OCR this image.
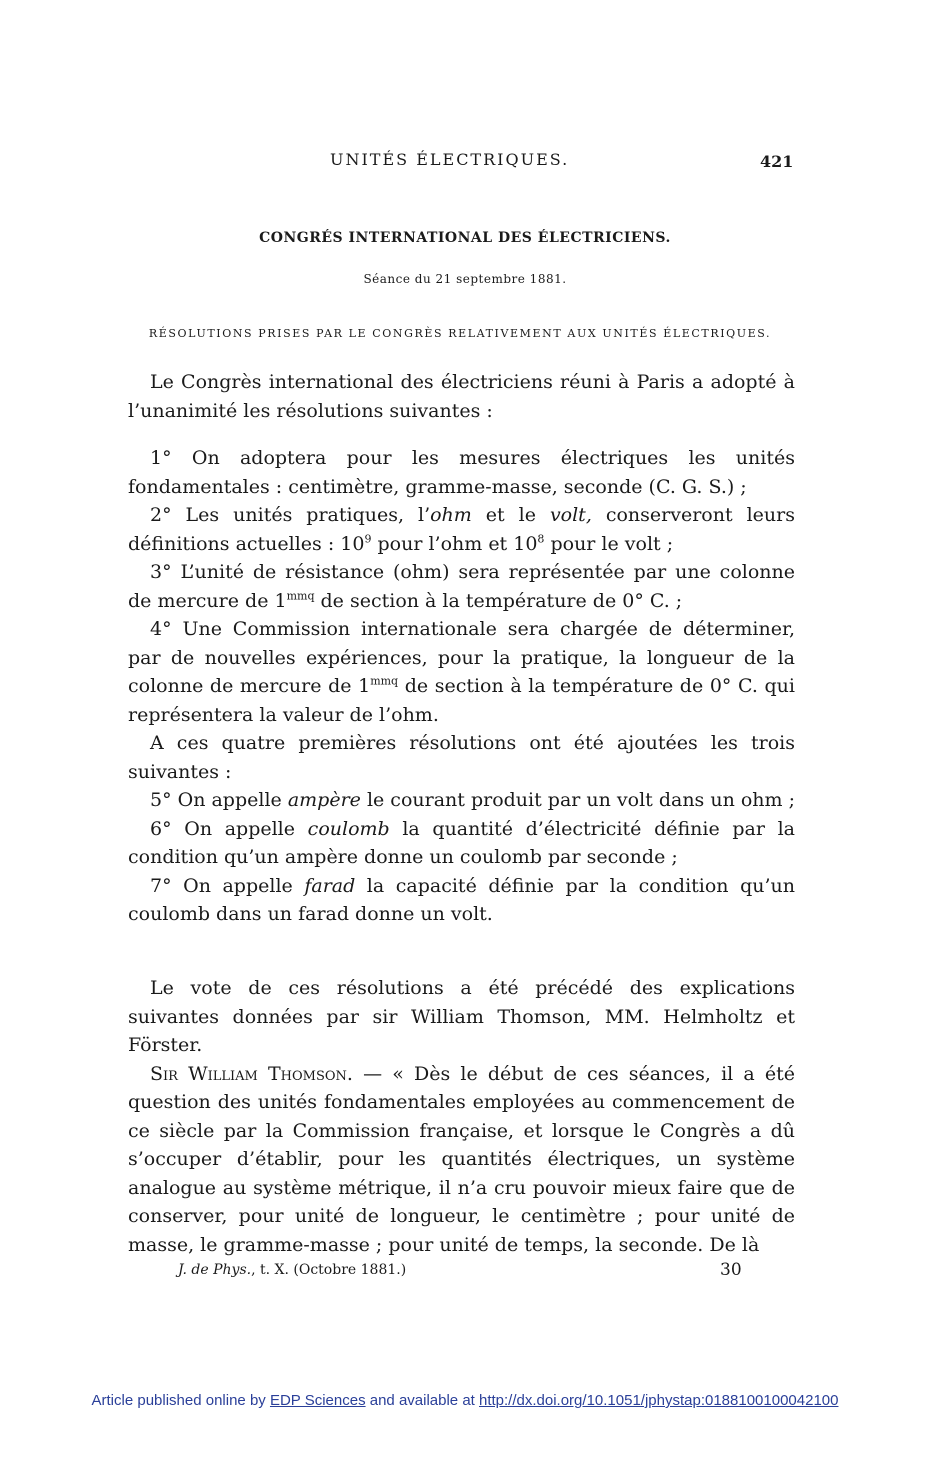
UNITÉS ÉLECTRIQUES.	421
CONGRÉS INTERNATIONAL DES ÉLECTRICIENS.
Séance du 21 septembre 1881.
RÉSOLUTIONS PRISES PAR LE CONGRÈS RELATIVEMENT AUX UNITÉS ÉLECTRIQUES.

Le Congrès international des électriciens réuni à Paris a adopté à l’unanimité les résolutions suivantes :

1° On adoptera pour les mesures électriques les unités fondamentales : centimètre, gramme-masse, seconde (C. G. S.) ;

2° Les unités pratiques, l’ohm et le volt, conserveront leurs définitions actuelles : $10^9$ pour l’ohm et $10^8$ pour le volt ;

3° L’unité de résistance (ohm) sera représentée par une colonne de mercure de $1^{mmq}$ de section à la température de 0° C. ;

4° Une Commission internationale sera chargée de déterminer, par de nouvelles expériences, pour la pratique, la longueur de la colonne de mercure de $1^{mmq}$ de section à la température de 0° C. qui représentera la valeur de l’ohm.

A ces quatre premières résolutions ont été ajoutées les trois suivantes :

5° On appelle ampère le courant produit par un volt dans un ohm ;

6° On appelle coulomb la quantité d’électricité définie par la condition qu’un ampère donne un coulomb par seconde ;

7° On appelle farad la capacité définie par la condition qu’un coulomb dans un farad donne un volt.

Le vote de ces résolutions a été précédé des explications suivantes données par sir William Thomson, MM. Helmholtz et Förster.

Sir William Thomson. — « Dès le début de ces séances, il a été question des unités fondamentales employées au commencement de ce siècle par la Commission française, et lorsque le Congrès a dû s’occuper d’établir, pour les quantités électriques, un système analogue au système métrique, il n’a cru pouvoir mieux faire que de conserver, pour unité de longueur, le centimètre ; pour unité de masse, le gramme-masse ; pour unité de temps, la seconde. De là

J. de Phys., t. X. (Octobre 1881.)	30
Article published online by EDP Sciences and available at http://dx.doi.org/10.1051/jphystap:0188100100042100
